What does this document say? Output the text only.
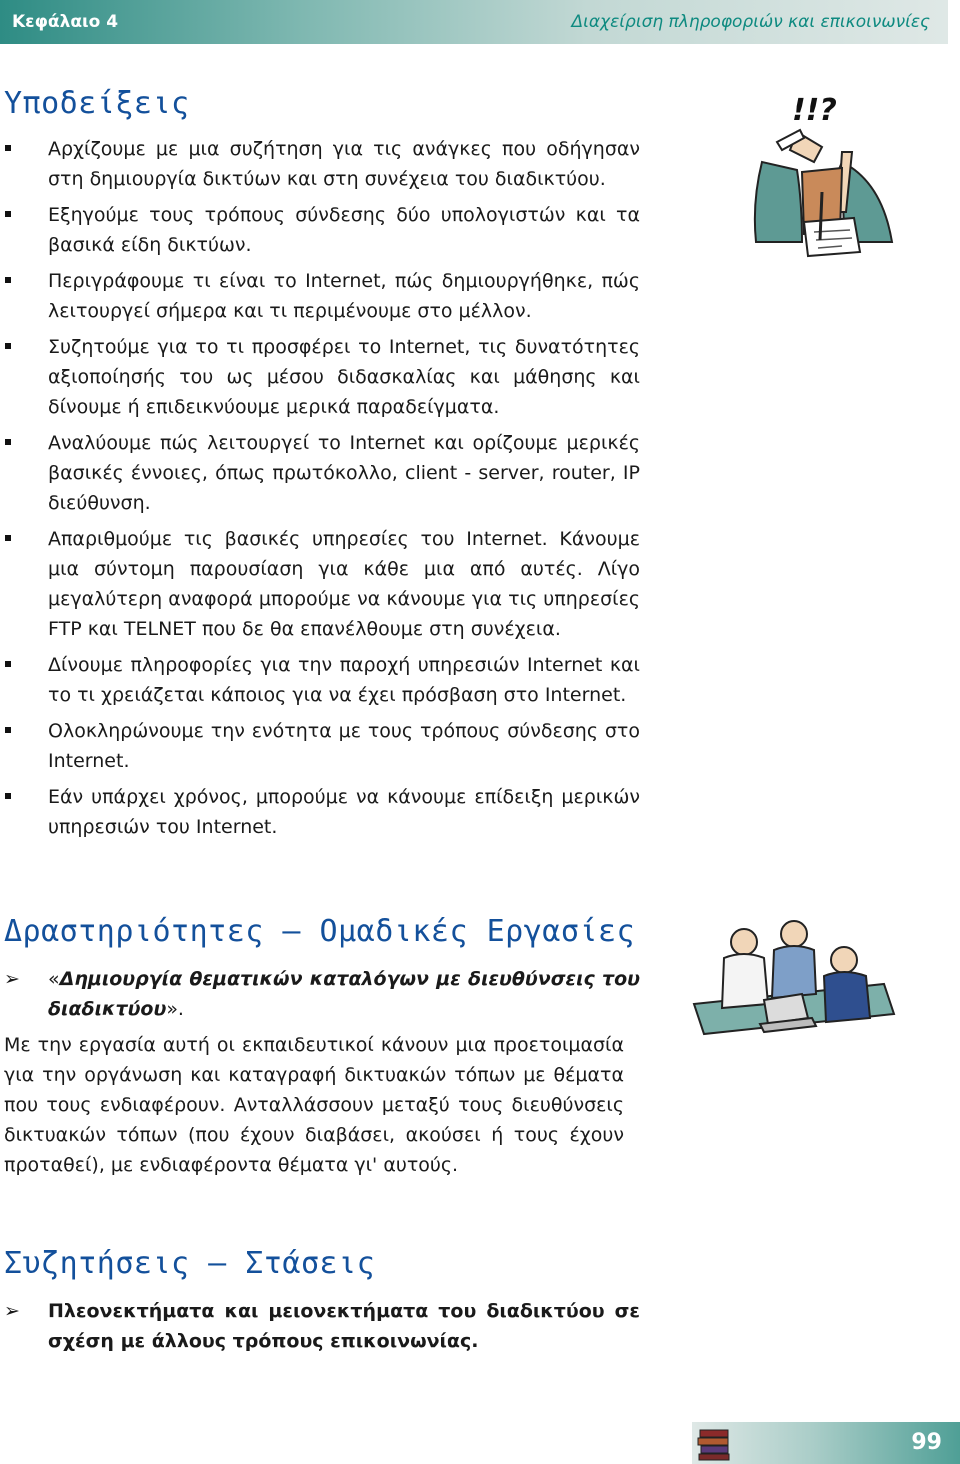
Κεφάλαιο 4	Διαχείριση πληροφοριών και επικοινωνίες
Υποδείξεις
Αρχίζουμε με μια συζήτηση για τις ανάγκες που οδήγησαν στη δημιουργία δικτύων και στη συνέχεια του διαδικτύου.
Εξηγούμε τους τρόπους σύνδεσης δύο υπολογιστών και τα βασικά είδη δικτύων.
Περιγράφουμε τι είναι το Internet, πώς δημιουργήθηκε, πώς λειτουργεί σήμερα και τι περιμένουμε στο μέλλον.
Συζητούμε για το τι προσφέρει το Internet, τις δυνατότητες αξιοποίησής του ως μέσου διδασκαλίας και μάθησης και δίνουμε ή επιδεικνύουμε μερικά παραδείγματα.
Αναλύουμε πώς λειτουργεί το Internet και ορίζουμε μερικές βασικές έννοιες, όπως πρωτόκολλο, client - server, router, IP διεύθυνση.
Απαριθμούμε τις βασικές υπηρεσίες του Internet. Κάνουμε μια σύντομη παρουσίαση για κάθε μια από αυτές. Λίγο μεγαλύτερη αναφορά μπορούμε να κάνουμε για τις υπηρεσίες FTP και TELNET που δε θα επανέλθουμε στη συνέχεια.
Δίνουμε πληροφορίες για την παροχή υπηρεσιών Internet και το τι χρειάζεται κάποιος για να έχει πρόσβαση στο Internet.
Ολοκληρώνουμε την ενότητα με τους τρόπους σύνδεσης στο Internet.
Εάν υπάρχει χρόνος, μπορούμε να κάνουμε επίδειξη μερικών υπηρεσιών του Internet.
!!?
Δραστηριότητες – Ομαδικές Εργασίες
➢ «Δημιουργία θεματικών καταλόγων με διευθύνσεις του διαδικτύου».

Με την εργασία αυτή οι εκπαιδευτικοί κάνουν μια προετοιμασία για την οργάνωση και καταγραφή δικτυακών τόπων με θέματα που τους ενδιαφέρουν. Ανταλλάσσουν μεταξύ τους διευθύνσεις δικτυακών τόπων (που έχουν διαβάσει, ακούσει ή τους έχουν προταθεί), με ενδιαφέροντα θέματα γι' αυτούς.

Συζητήσεις – Στάσεις
➢ Πλεονεκτήματα και μειονεκτήματα του διαδικτύου σε σχέση με άλλους τρόπους επικοινωνίας.
99
